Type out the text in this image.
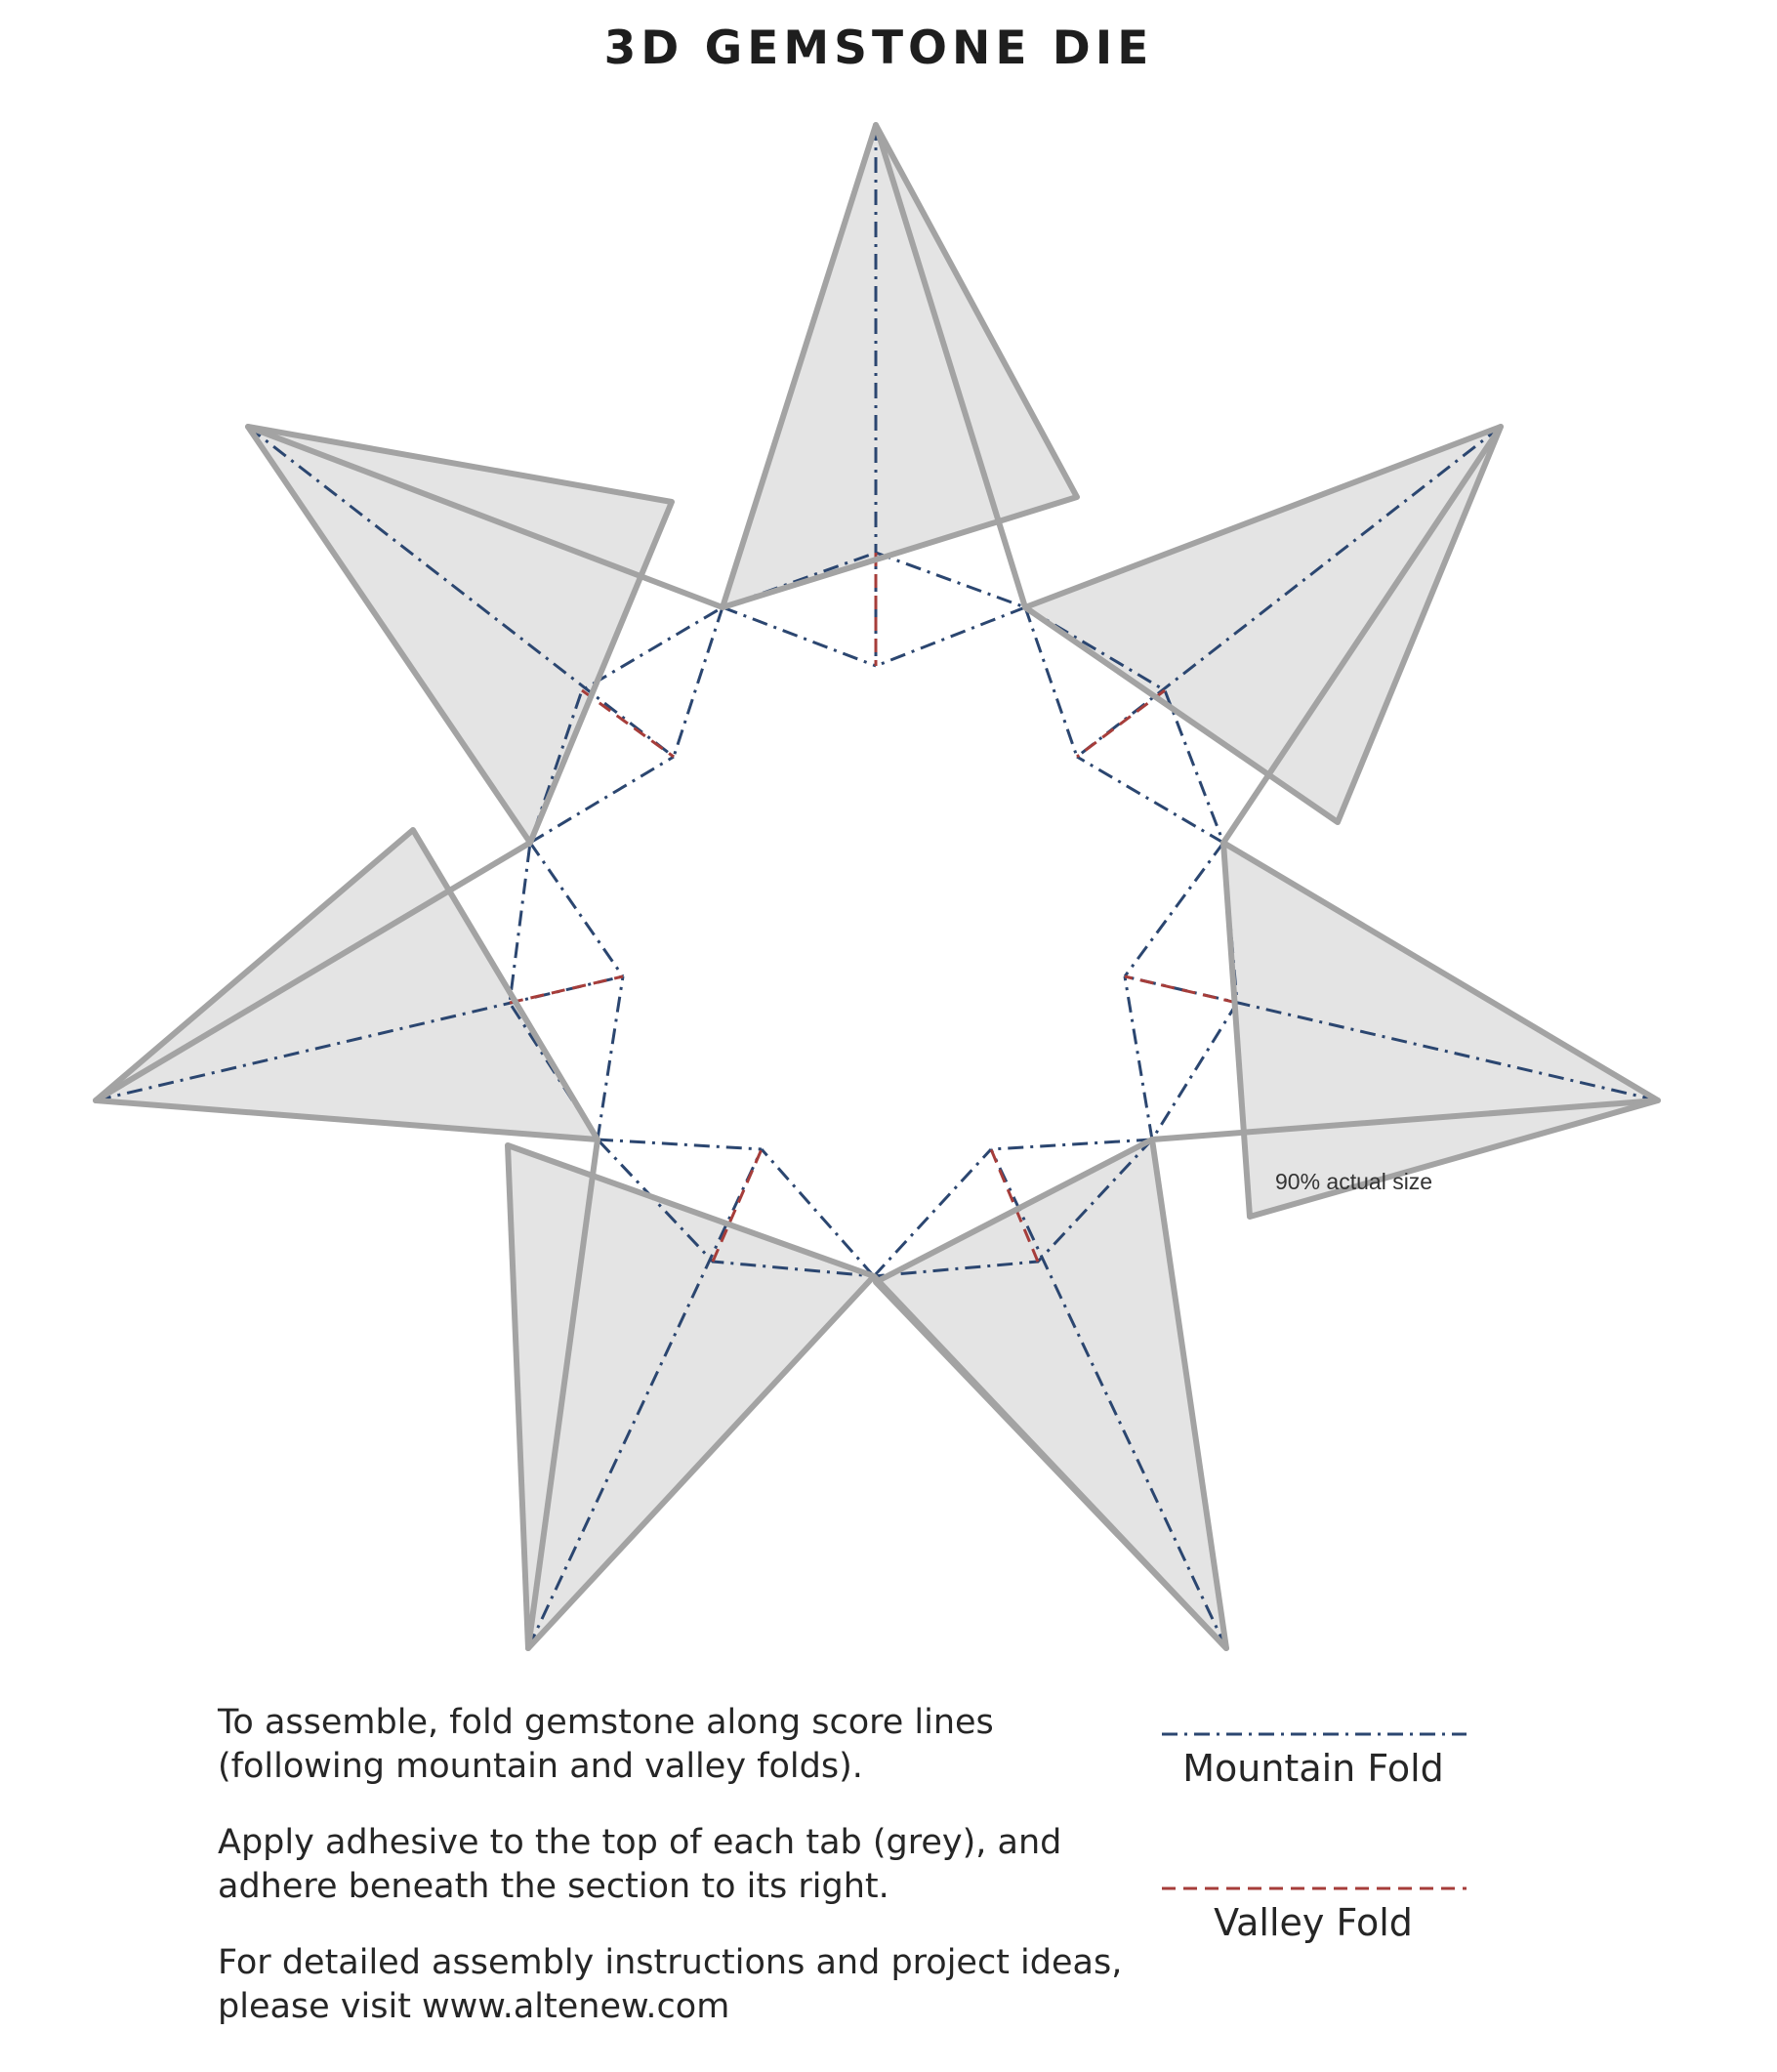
3D GEMSTONE DIE
90% actual size

To assemble, fold gemstone along score lines (following mountain and valley folds).

Apply adhesive to the top of each tab (grey), and adhere beneath the section to its right.

For detailed assembly instructions and project ideas, please visit www.altenew.com

Mountain Fold
Valley Fold
